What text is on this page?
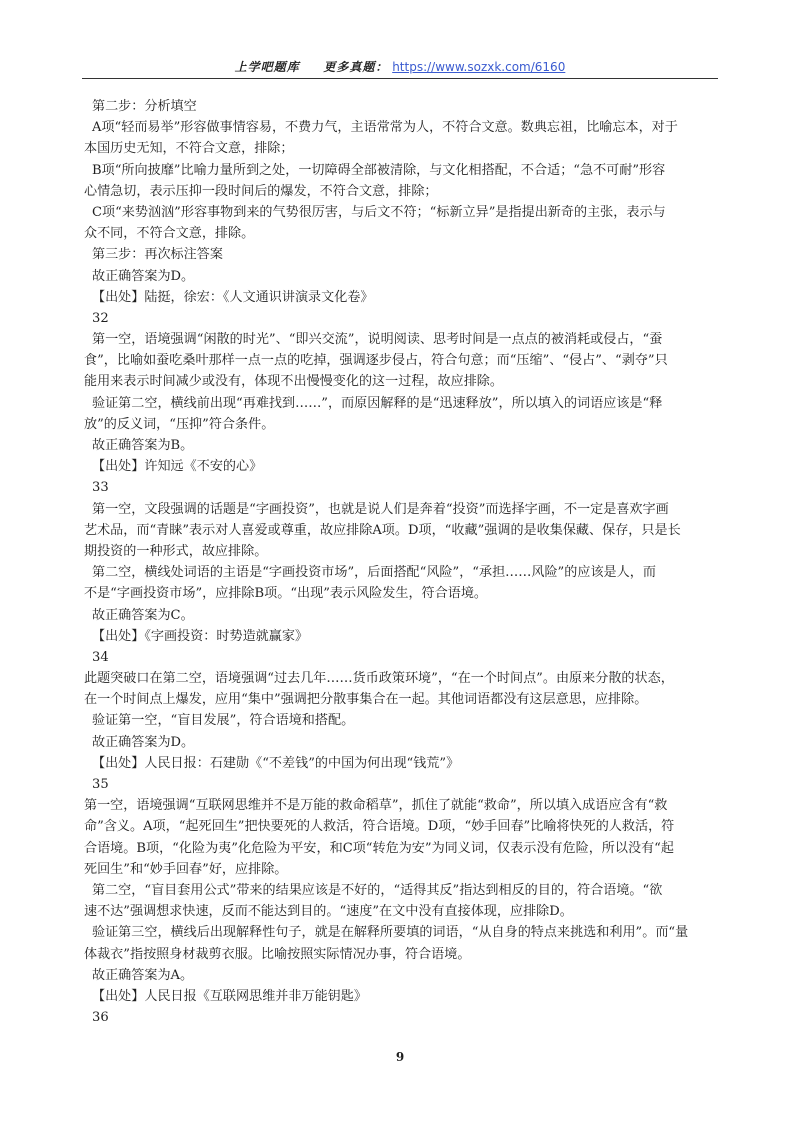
上学吧题库 更多真题： https://www.sozxk.com/6160
第二步：分析填空
A项“轻而易举”形容做事情容易，不费力气，主语常常为人，不符合文意。数典忘祖，比喻忘本，对于
本国历史无知，不符合文意，排除；
B项“所向披靡”比喻力量所到之处，一切障碍全部被清除，与文化相搭配，不合适；“急不可耐”形容
心情急切，表示压抑一段时间后的爆发，不符合文意，排除；
C项“来势汹汹”形容事物到来的气势很厉害，与后文不符；“标新立异”是指提出新奇的主张，表示与
众不同，不符合文意，排除。
第三步：再次标注答案
故正确答案为D。
【出处】陆挺，徐宏：《人文通识讲演录文化卷》
32
第一空，语境强调“闲散的时光”、“即兴交流”，说明阅读、思考时间是一点点的被消耗或侵占，“蚕
食”，比喻如蚕吃桑叶那样一点一点的吃掉，强调逐步侵占，符合句意；而“压缩”、“侵占”、“剥夺”只
能用来表示时间减少或没有，体现不出慢慢变化的这一过程，故应排除。
验证第二空，横线前出现“再难找到……”，而原因解释的是“迅速释放”，所以填入的词语应该是“释
放”的反义词，“压抑”符合条件。
故正确答案为B。
【出处】许知远《不安的心》
33
第一空，文段强调的话题是“字画投资”，也就是说人们是奔着“投资”而选择字画，不一定是喜欢字画
艺术品，而“青睐”表示对人喜爱或尊重，故应排除A项。D项，“收藏”强调的是收集保藏、保存，只是长
期投资的一种形式，故应排除。
第二空，横线处词语的主语是“字画投资市场”，后面搭配“风险”，“承担……风险”的应该是人，而
不是“字画投资市场”，应排除B项。“出现”表示风险发生，符合语境。
故正确答案为C。
【出处】《字画投资：时势造就赢家》
34
此题突破口在第二空，语境强调“过去几年……货币政策环境”，“在一个时间点”。由原来分散的状态，
在一个时间点上爆发，应用“集中”强调把分散事集合在一起。其他词语都没有这层意思，应排除。
验证第一空，“盲目发展”，符合语境和搭配。
故正确答案为D。
【出处】人民日报：石建勋《“不差钱”的中国为何出现“钱荒”》
35
第一空，语境强调“互联网思维并不是万能的救命稻草”，抓住了就能“救命”，所以填入成语应含有“救
命”含义。A项，“起死回生”把快要死的人救活，符合语境。D项，“妙手回春”比喻将快死的人救活，符
合语境。B项，“化险为夷”化危险为平安，和C项“转危为安”为同义词，仅表示没有危险，所以没有“起
死回生”和“妙手回春”好，应排除。
第二空，“盲目套用公式”带来的结果应该是不好的，“适得其反”指达到相反的目的，符合语境。“欲
速不达”强调想求快速，反而不能达到目的。“速度”在文中没有直接体现，应排除D。
验证第三空，横线后出现解释性句子，就是在解释所要填的词语，“从自身的特点来挑选和利用”。而“量
体裁衣”指按照身材裁剪衣服。比喻按照实际情况办事，符合语境。
故正确答案为A。
【出处】人民日报《互联网思维并非万能钥匙》
36
9
